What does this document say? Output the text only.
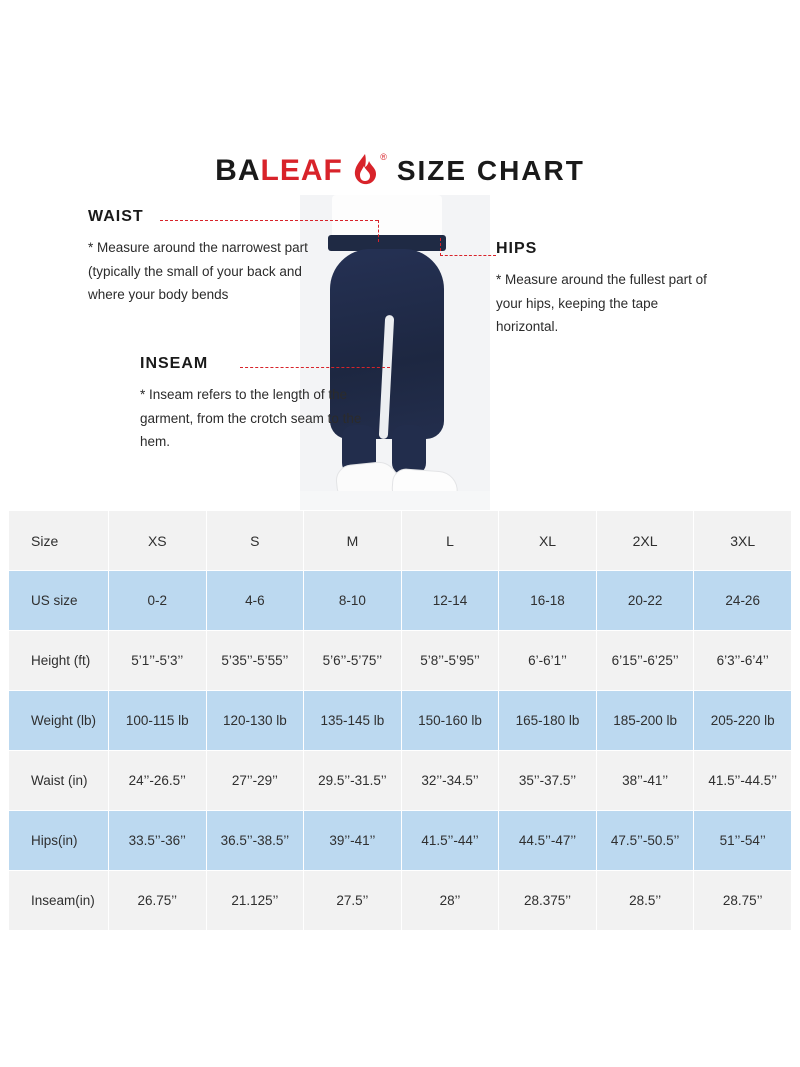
BALEAF	® SIZE CHART
WAIST

* Measure around the narrowest part (typically the small of your back and where your body bends

HIPS

* Measure around the fullest part of your hips, keeping the tape horizontal.

INSEAM

* Inseam refers to the length of the garment, from the crotch seam to the hem.

Size	XS	S	M	L	XL	2XL	3XL
US size	0-2	4-6	8-10	12-14	16-18	20-22	24-26
Height (ft)	5’1’’-5’3’’	5’35’’-5’55’’	5’6’’-5’75’’	5’8’’-5’95’’	6’-6’1’’	6’15’’-6’25’’	6’3’’-6’4’’
Weight (lb)	100-115 lb	120-130 lb	135-145 lb	150-160 lb	165-180 lb	185-200 lb	205-220 lb
Waist (in)	24’’-26.5’’	27’’-29’’	29.5’’-31.5’’	32’’-34.5’’	35’’-37.5’’	38’’-41’’	41.5’’-44.5’’
Hips(in)	33.5’’-36’’	36.5’’-38.5’’	39’’-41’’	41.5’’-44’’	44.5’’-47’’	47.5’’-50.5’’	51’’-54’’
Inseam(in)	26.75’’	21.125’’	27.5’’	28’’	28.375’’	28.5’’	28.75’’
